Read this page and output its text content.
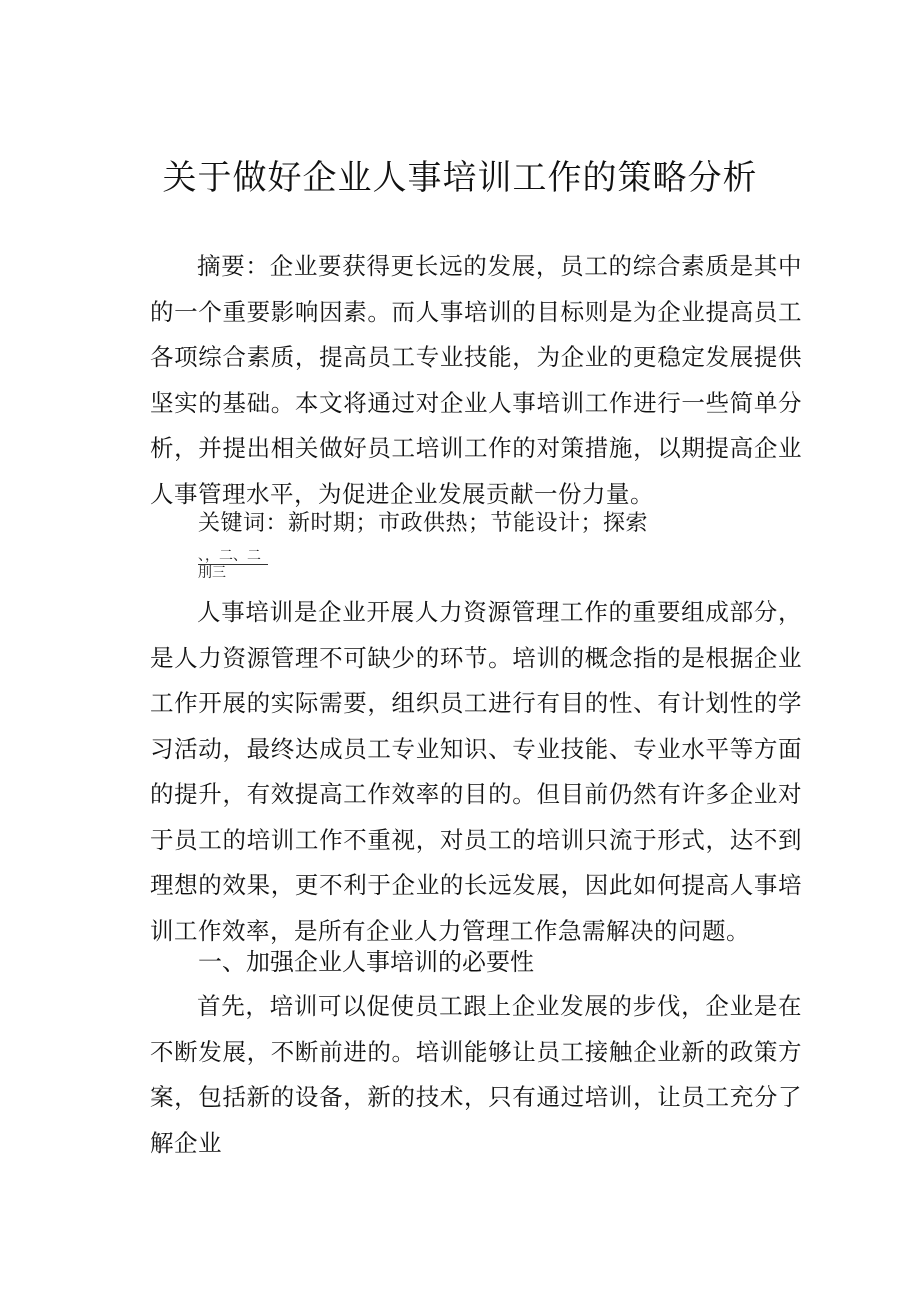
关于做好企业人事培训工作的策略分析

摘要：企业要获得更长远的发展，员工的综合素质是其中的一个重要影响因素。而人事培训的目标则是为企业提高员工各项综合素质，提高员工专业技能，为企业的更稳定发展提供坚实的基础。本文将通过对企业人事培训工作进行一些简单分析，并提出相关做好员工培训工作的对策措施，以期提高企业人事管理水平，为促进企业发展贡献一份力量。

关键词：新时期；市政供热；节能设计；探索

、，二、二
刖三

人事培训是企业开展人力资源管理工作的重要组成部分，是人力资源管理不可缺少的环节。培训的概念指的是根据企业工作开展的实际需要，组织员工进行有目的性、有计划性的学习活动，最终达成员工专业知识、专业技能、专业水平等方面的提升，有效提高工作效率的目的。但目前仍然有许多企业对于员工的培训工作不重视，对员工的培训只流于形式，达不到理想的效果，更不利于企业的长远发展，因此如何提高人事培训工作效率，是所有企业人力管理工作急需解决的问题。

一、加强企业人事培训的必要性

首先，培训可以促使员工跟上企业发展的步伐，企业是在不断发展，不断前进的。培训能够让员工接触企业新的政策方案，包括新的设备，新的技术，只有通过培训，让员工充分了解企业
